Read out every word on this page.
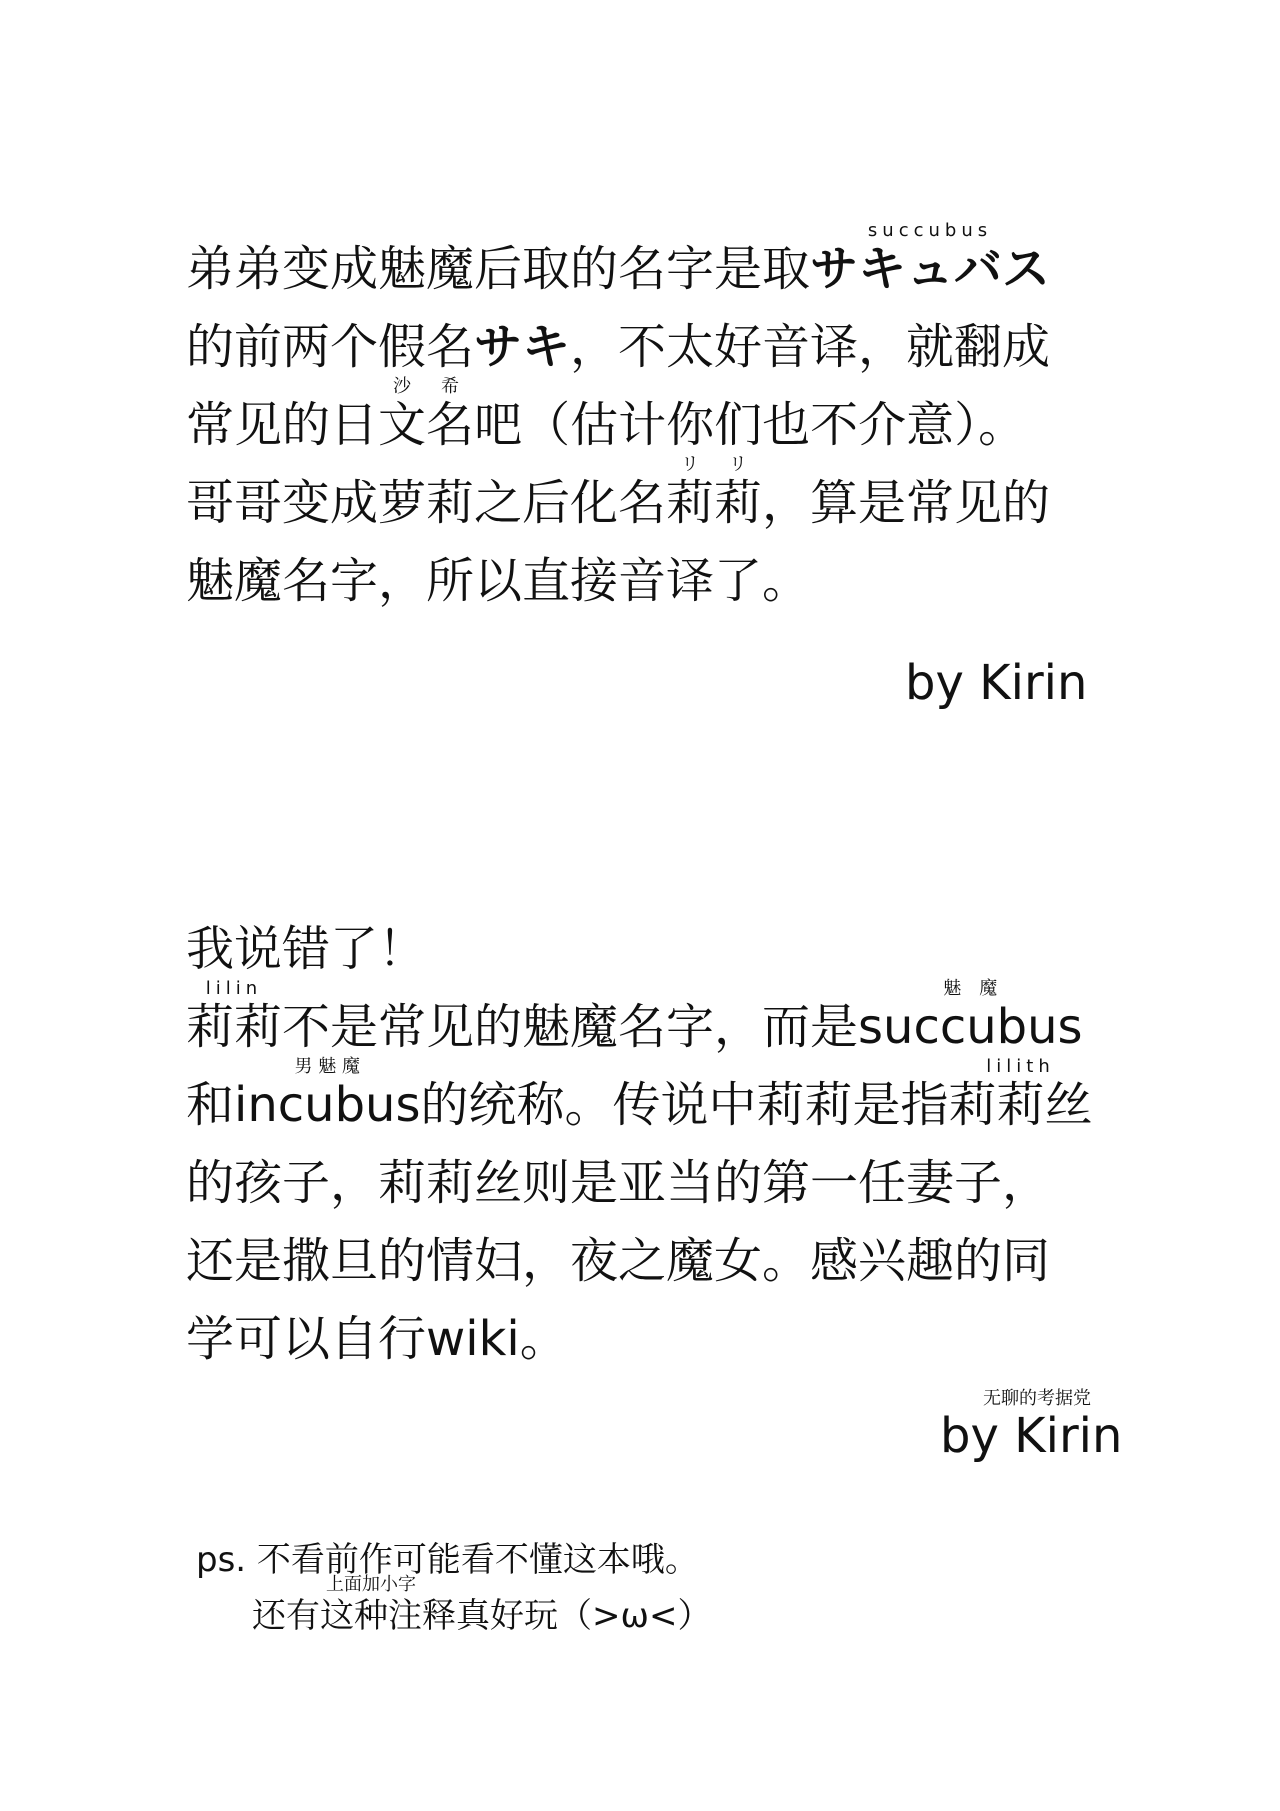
弟弟变成魅魔后取的名字是取
succubus
サキュバス
的前两个假名サキ，不太好音译，就翻成
常见的日
沙
文
希
名吧（估计你们也不介意）。
哥哥变成萝莉之后化名
リ
莉
リ
莉，算是常见的
魅魔名字，所以直接音译了。
by Kirin
我说错了！
lilin
莉莉不是常见的魅魔名字，而是
魅　魔
succubus
和
男 魅 魔
incubus的统称。传说中莉莉是指
lilith
莉莉丝
的孩子，莉莉丝则是亚当的第一任妻子，
还是撒旦的情妇，夜之魔女。感兴趣的同
学可以自行wiki。
无聊的考据党
by Kirin
ps. 不看前作可能看不懂这本哦。
还有
上面加小字
这种注释真好玩（>ω<）
